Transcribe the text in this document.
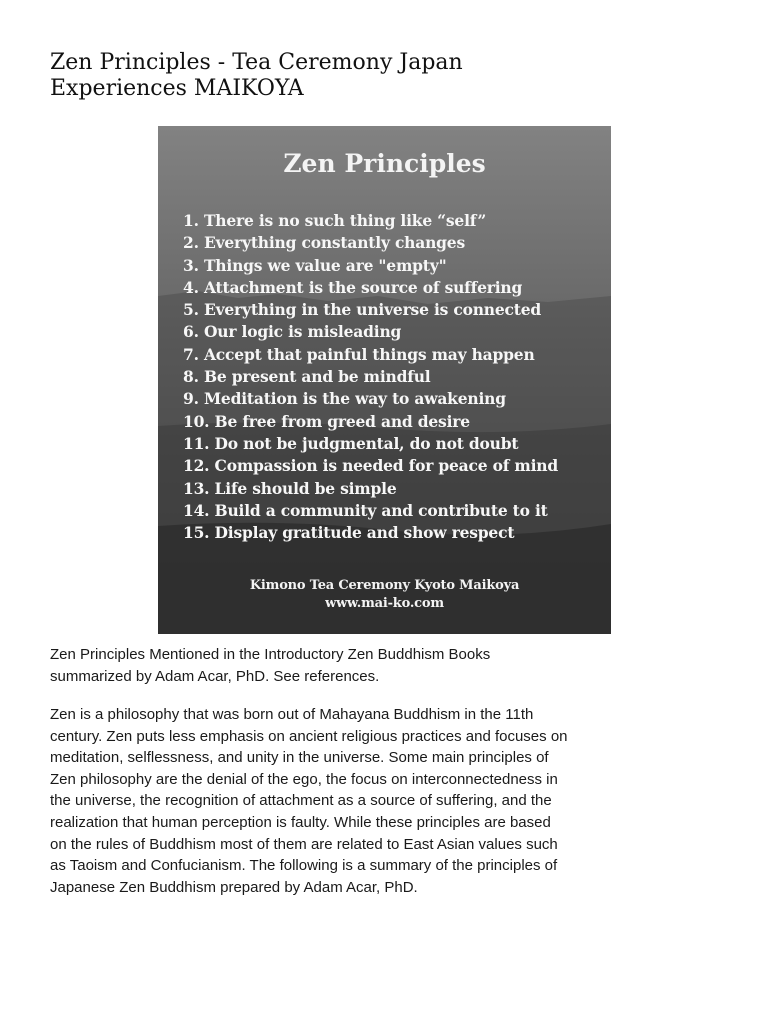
Zen Principles - Tea Ceremony Japan Experiences MAIKOYA
Zen Principles
1. There is no such thing like “self”
2. Everything constantly changes
3. Things we value are "empty"
4. Attachment is the source of suffering
5. Everything in the universe is connected
6. Our logic is misleading
7. Accept that painful things may happen
8. Be present and be mindful
9. Meditation is the way to awakening
10. Be free from greed and desire
11. Do not be judgmental, do not doubt
12. Compassion is needed for peace of mind
13. Life should be simple
14. Build a community and contribute to it
15. Display gratitude and show respect
Kimono Tea Ceremony Kyoto Maikoya
www.mai-ko.com

Zen Principles Mentioned in the Introductory Zen Buddhism Books summarized by Adam Acar, PhD. See references.

Zen is a philosophy that was born out of Mahayana Buddhism in the 11th century. Zen puts less emphasis on ancient religious practices and focuses on meditation, selflessness, and unity in the universe. Some main principles of Zen philosophy are the denial of the ego, the focus on interconnectedness in the universe, the recognition of attachment as a source of suffering, and the realization that human perception is faulty. While these principles are based on the rules of Buddhism most of them are related to East Asian values such as Taoism and Confucianism. The following is a summary of the principles of Japanese Zen Buddhism prepared by Adam Acar, PhD.
